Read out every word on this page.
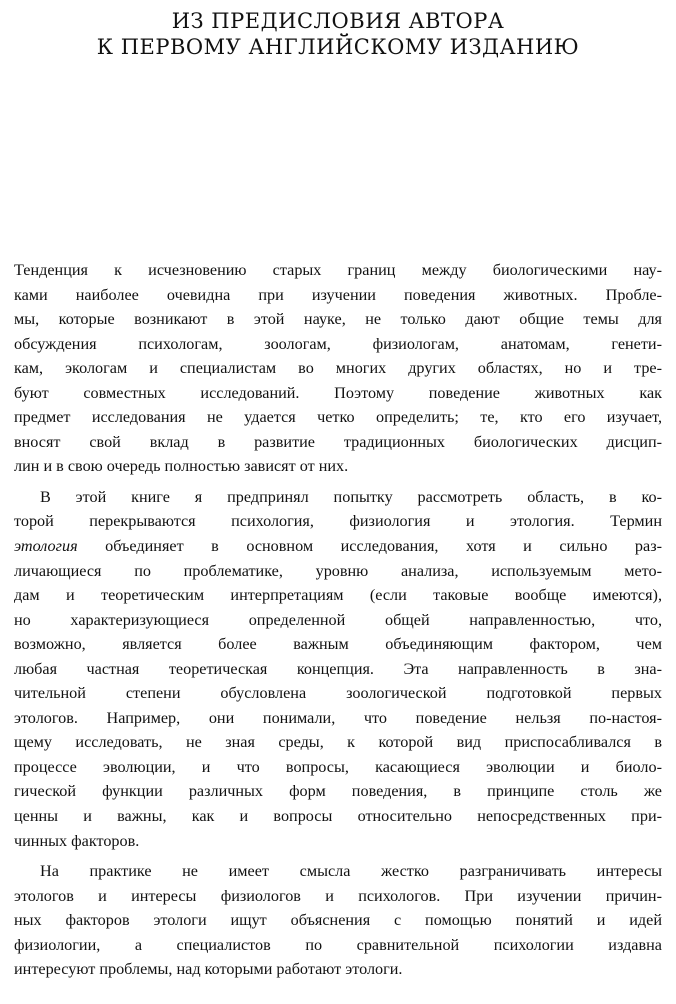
ИЗ ПРЕДИСЛОВИЯ АВТОРА
К ПЕРВОМУ АНГЛИЙСКОМУ ИЗДАНИЮ
Тенденция к исчезновению старых границ между биологическими нау-
ками наиболее очевидна при изучении поведения животных. Пробле-
мы, которые возникают в этой науке, не только дают общие темы для
обсуждения психологам, зоологам, физиологам, анатомам, генети-
кам, экологам и специалистам во многих других областях, но и тре-
буют совместных исследований. Поэтому поведение животных как
предмет исследования не удается четко определить; те, кто его изучает,
вносят свой вклад в развитие традиционных биологических дисцип-
лин и в свою очередь полностью зависят от них.
В этой книге я предпринял попытку рассмотреть область, в ко-
торой перекрываются психология, физиология и этология. Термин
этология объединяет в основном исследования, хотя и сильно раз-
личающиеся по проблематике, уровню анализа, используемым мето-
дам и теоретическим интерпретациям (если таковые вообще имеются),
но характеризующиеся определенной общей направленностью, что,
возможно, является более важным объединяющим фактором, чем
любая частная теоретическая концепция. Эта направленность в зна-
чительной степени обусловлена зоологической подготовкой первых
этологов. Например, они понимали, что поведение нельзя по-настоя-
щему исследовать, не зная среды, к которой вид приспосабливался в
процессе эволюции, и что вопросы, касающиеся эволюции и биоло-
гической функции различных форм поведения, в принципе столь же
ценны и важны, как и вопросы относительно непосредственных при-
чинных факторов.
На практике не имеет смысла жестко разграничивать интересы
этологов и интересы физиологов и психологов. При изучении причин-
ных факторов этологи ищут объяснения с помощью понятий и идей
физиологии, а специалистов по сравнительной психологии издавна
интересуют проблемы, над которыми работают этологи.
